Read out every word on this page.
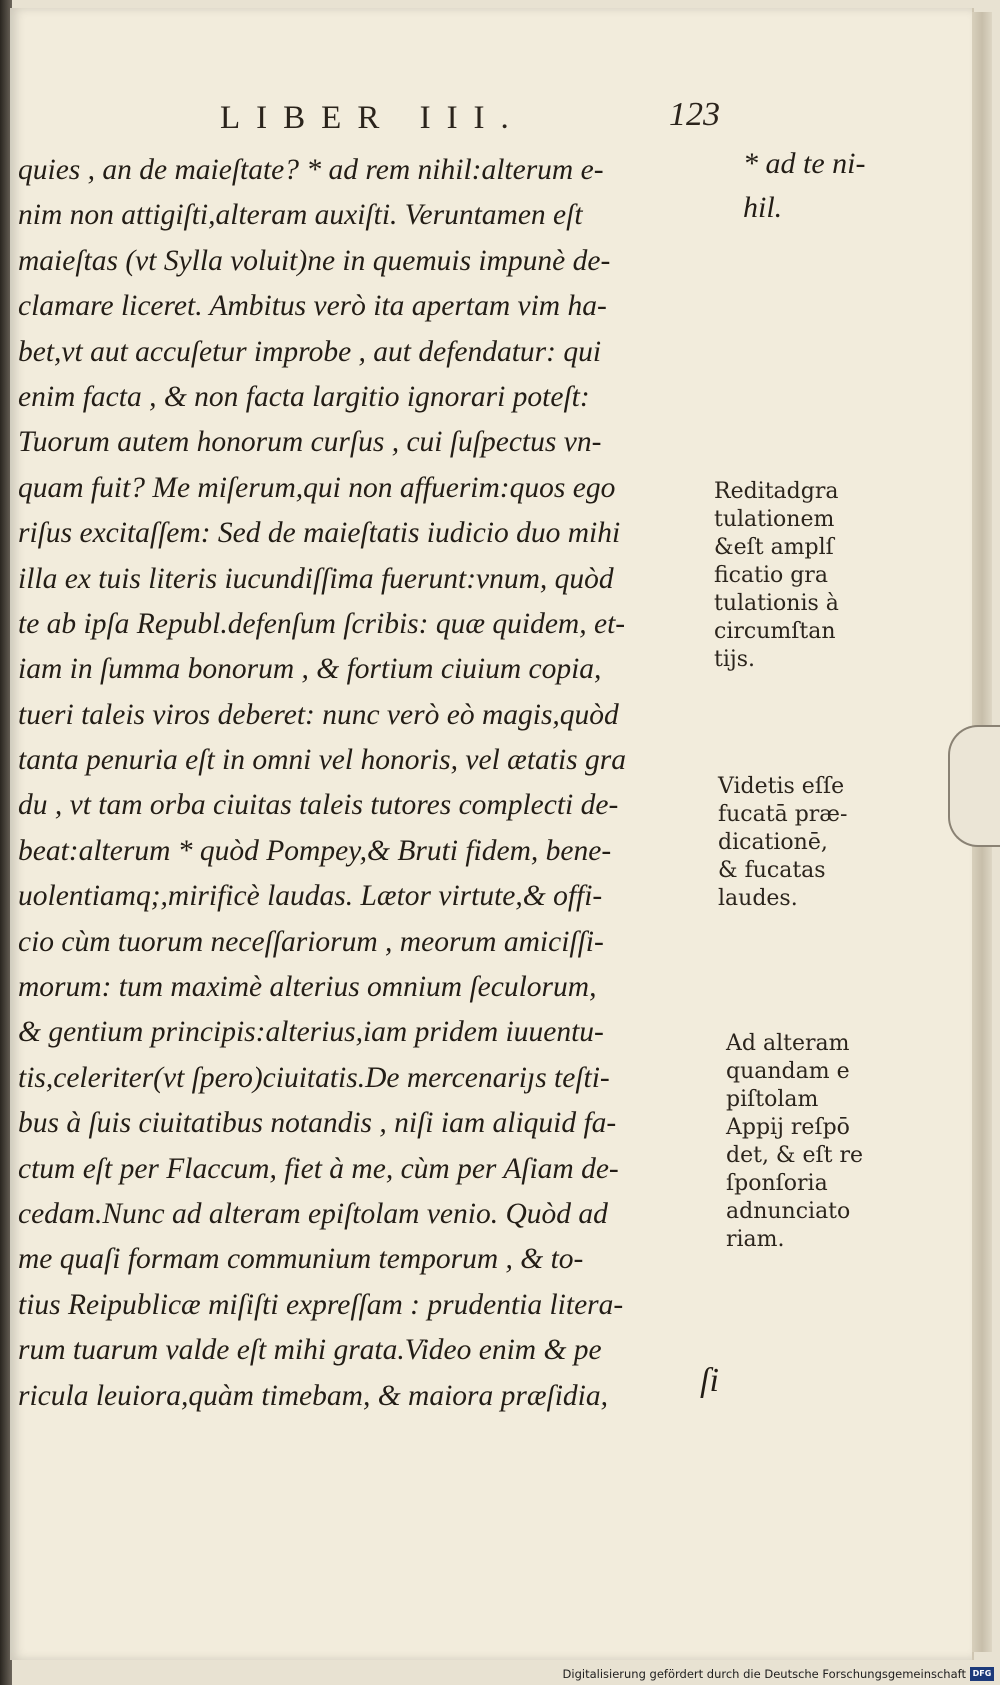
LIBER III.	123
* ad te ni-
hil.
quies , an de maieſtate? * ad rem nihil:alterum e-
nim non attigiſti,alteram auxiſti. Veruntamen eſt
maieſtas (vt Sylla voluit)ne in quemuis impunè de-
clamare liceret. Ambitus verò ita apertam vim ha-
bet,vt aut accuſetur improbe , aut defendatur: qui
enim facta , & non facta largitio ignorari poteſt:
Tuorum autem honorum curſus , cui ſuſpectus vn-
quam fuit? Me miſerum,qui non affuerim:quos ego
riſus excitaſſem: Sed de maieſtatis iudicio duo mihi
illa ex tuis literis iucundiſſima fuerunt:vnum, quòd
te ab ipſa Republ.defenſum ſcribis: quæ quidem, et-
iam in ſumma bonorum , & fortium ciuium copia,
tueri taleis viros deberet: nunc verò eò magis,quòd
tanta penuria eſt in omni vel honoris, vel ætatis gra
du , vt tam orba ciuitas taleis tutores complecti de-
beat:alterum * quòd Pompey,& Bruti fidem, bene-
uolentiamq;,mirificè laudas. Lætor virtute,& offi-
cio cùm tuorum neceſſariorum , meorum amiciſſi-
morum: tum maximè alterius omnium ſeculorum,
& gentium principis:alterius,iam pridem iuuentu-
tis,celeriter(vt ſpero)ciuitatis.De mercenariȷs teſti-
bus à ſuis ciuitatibus notandis , niſi iam aliquid fa-
ctum eſt per Flaccum, fiet à me, cùm per Aſiam de-
cedam.Nunc ad alteram epiſtolam venio. Quòd ad
me quaſi formam communium temporum , & to-
tius Reipublicæ miſiſti expreſſam : prudentia litera-
rum tuarum valde eſt mihi grata.Video enim & pe
ricula leuiora,quàm timebam, & maiora præſidia,
Reditadgra
tulationem
&eſt amplſ
ficatio gra
tulationis à
circumſtan
tijs.
Videtis eſſe
fucatā præ-
dicationē,
& fucatas
laudes.
Ad alteram
quandam e
piſtolam
Appij reſpō
det, & eſt re
ſponſoria
adnunciato
riam.
ſi
Digitalisierung gefördert durch die Deutsche Forschungsgemeinschaft DFG
